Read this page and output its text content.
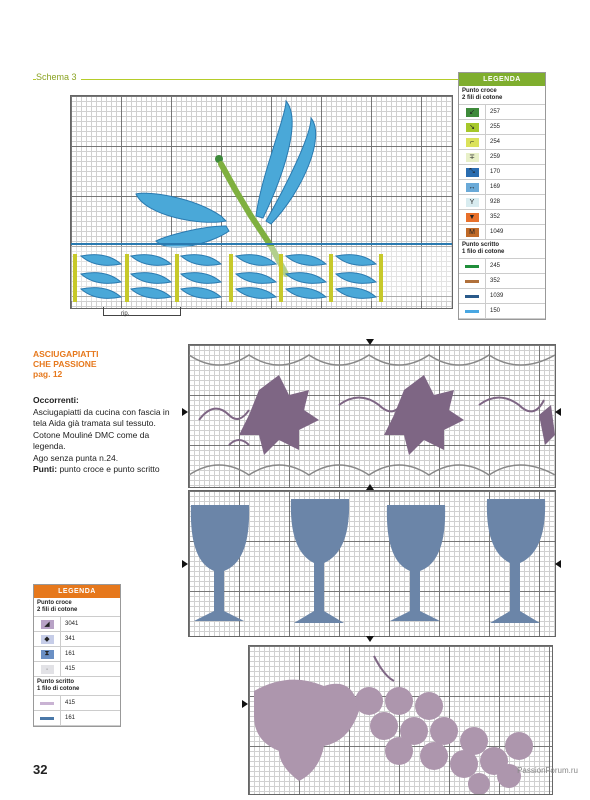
Schema 3
rip.
LEGENDA
Punto croce
2 fili di cotone
↙	257
↘	255
⌐	254
∓	259
⤡	170
↔	169
Y	928
▼	352
M	1049
Punto scritto
1 filo di cotone
245
352
1039
150
ASCIUGAPIATTI
CHE PASSIONE
pag. 12
Occorrenti:
Asciugapiatti da cucina con fascia in tela Aida già tramata sul tessuto.
Cotone Mouliné DMC come da legenda.
Ago senza punta n.24.
Punti: punto croce e punto scritto
LEGENDA
Punto croce
2 fili di cotone
◢	3041
◆	341
⧗	161
·	415
Punto scritto
1 filo di cotone
415
161
32	PassionForum.ru
